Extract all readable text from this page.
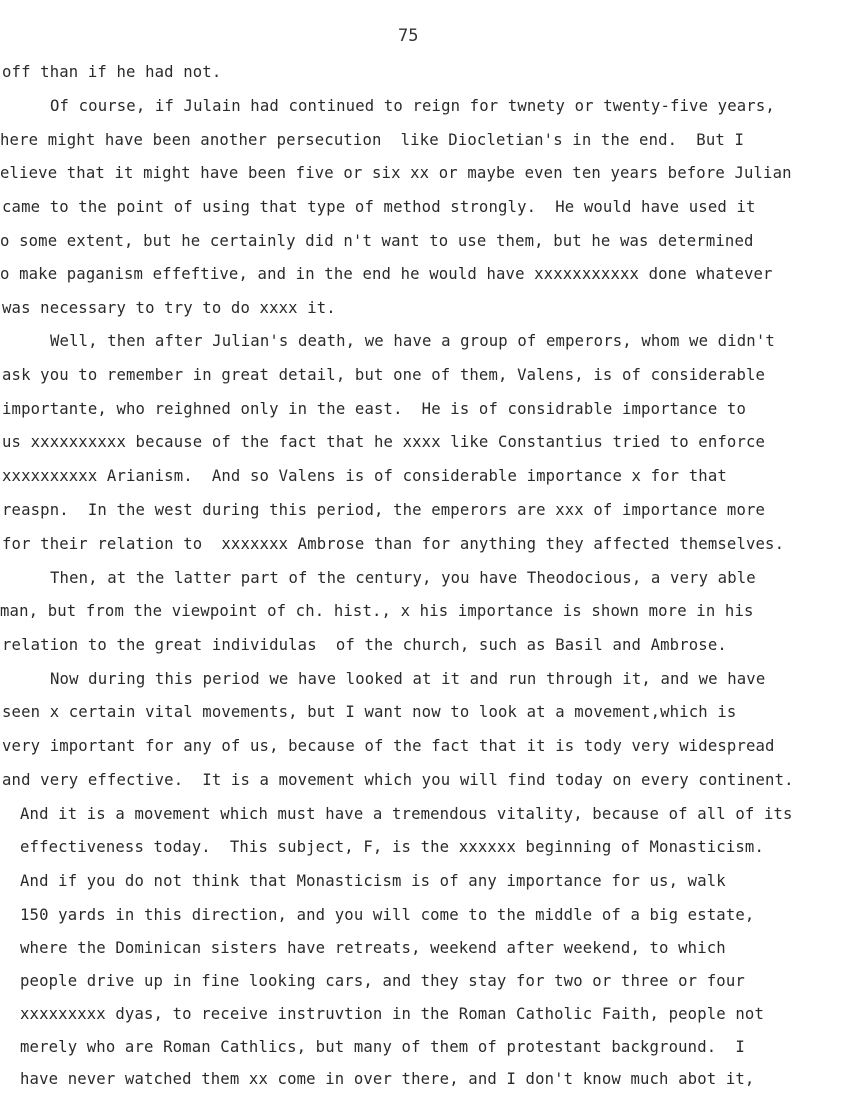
75
off than if he had not.
Of course, if Julain had continued to reign for twnety or twenty-five years,
here might have been another persecution  like Diocletian's in the end.  But I
elieve that it might have been five or six xx or maybe even ten years before Julian
came to the point of using that type of method strongly.  He would have used it
o some extent, but he certainly did n't want to use them, but he was determined
o make paganism effeftive, and in the end he would have xxxxxxxxxxx done whatever
was necessary to try to do xxxx it.
Well, then after Julian's death, we have a group of emperors, whom we didn't
ask you to remember in great detail, but one of them, Valens, is of considerable
importante, who reighned only in the east.  He is of considrable importance to
us xxxxxxxxxx because of the fact that he xxxx like Constantius tried to enforce
xxxxxxxxxx Arianism.  And so Valens is of considerable importance x for that
reaspn.  In the west during this period, the emperors are xxx of importance more
for their relation to  xxxxxxx Ambrose than for anything they affected themselves.
Then, at the latter part of the century, you have Theodocious, a very able
man, but from the viewpoint of ch. hist., x his importance is shown more in his
relation to the great individulas  of the church, such as Basil and Ambrose.
Now during this period we have looked at it and run through it, and we have
seen x certain vital movements, but I want now to look at a movement,which is
very important for any of us, because of the fact that it is tody very widespread
and very effective.  It is a movement which you will find today on every continent.
And it is a movement which must have a tremendous vitality, because of all of its
effectiveness today.  This subject, F, is the xxxxxx beginning of Monasticism.
And if you do not think that Monasticism is of any importance for us, walk
150 yards in this direction, and you will come to the middle of a big estate,
where the Dominican sisters have retreats, weekend after weekend, to which
people drive up in fine looking cars, and they stay for two or three or four
xxxxxxxxx dyas, to receive instruvtion in the Roman Catholic Faith, people not
merely who are Roman Cathlics, but many of them of protestant background.  I
have never watched them xx come in over there, and I don't know much abot it,
